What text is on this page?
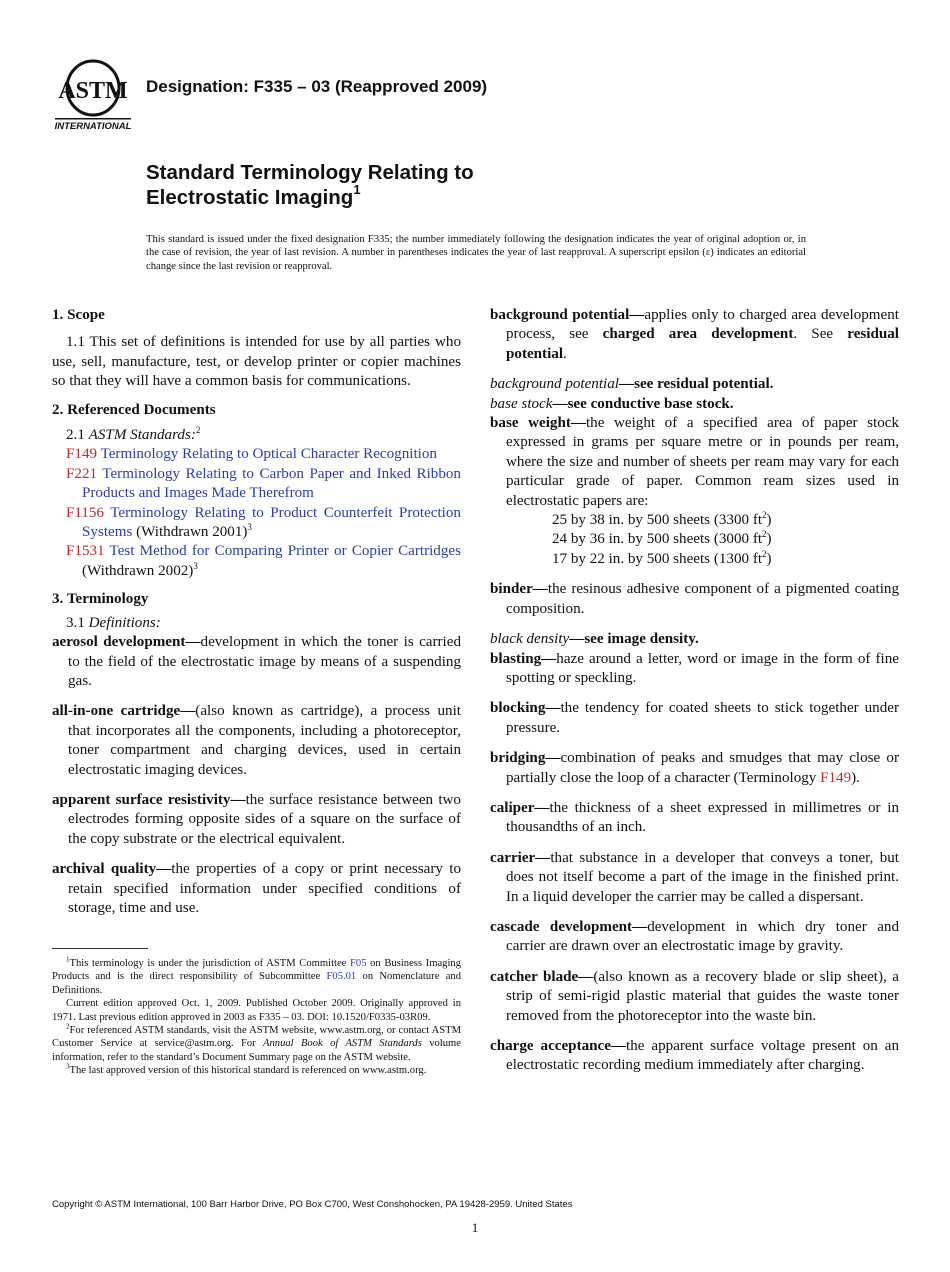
ASTM
INTERNATIONAL
Designation: F335 – 03 (Reapproved 2009)
Standard Terminology Relating to
Electrostatic Imaging$^1$
This standard is issued under the fixed designation F335; the number immediately following the designation indicates the year of original adoption or, in the case of revision, the year of last revision. A number in parentheses indicates the year of last reapproval. A superscript epsilon (ε) indicates an editorial change since the last revision or reapproval.
1. Scope

1.1 This set of definitions is intended for use by all parties who use, sell, manufacture, test, or develop printer or copier machines so that they will have a common basis for communications.

2. Referenced Documents

2.1 ASTM Standards:$^2$

F149 Terminology Relating to Optical Character Recognition

F221 Terminology Relating to Carbon Paper and Inked Ribbon Products and Images Made Therefrom

F1156 Terminology Relating to Product Counterfeit Protection Systems (Withdrawn 2001)$^3$

F1531 Test Method for Comparing Printer or Copier Cartridges (Withdrawn 2002)$^3$

3. Terminology

3.1 Definitions:

aerosol development—development in which the toner is carried to the field of the electrostatic image by means of a suspending gas.

all-in-one cartridge—(also known as cartridge), a process unit that incorporates all the components, including a photoreceptor, toner compartment and charging devices, used in certain electrostatic imaging devices.

apparent surface resistivity—the surface resistance between two electrodes forming opposite sides of a square on the surface of the copy substrate or the electrical equivalent.

archival quality—the properties of a copy or print necessary to retain specified information under specified conditions of storage, time and use.

$^1$This terminology is under the jurisdiction of ASTM Committee F05 on Business Imaging Products and is the direct responsibility of Subcommittee F05.01 on Nomenclature and Definitions.

Current edition approved Oct. 1, 2009. Published October 2009. Originally approved in 1971. Last previous edition approved in 2003 as F335 – 03. DOI: 10.1520/F0335-03R09.

$^2$For referenced ASTM standards, visit the ASTM website, www.astm.org, or contact ASTM Customer Service at service@astm.org. For Annual Book of ASTM Standards volume information, refer to the standard’s Document Summary page on the ASTM website.

$^3$The last approved version of this historical standard is referenced on www.astm.org.

background potential—applies only to charged area development process, see charged area development. See residual potential.

background potential—see residual potential.

base stock—see conductive base stock.

base weight—the weight of a specified area of paper stock expressed in grams per square metre or in pounds per ream, where the size and number of sheets per ream may vary for each particular grade of paper. Common ream sizes used in electrostatic papers are:

25 by 38 in. by 500 sheets (3300 $ft^2$)

24 by 36 in. by 500 sheets (3000 $ft^2$)

17 by 22 in. by 500 sheets (1300 $ft^2$)

binder—the resinous adhesive component of a pigmented coating composition.

black density—see image density.

blasting—haze around a letter, word or image in the form of fine spotting or speckling.

blocking—the tendency for coated sheets to stick together under pressure.

bridging—combination of peaks and smudges that may close or partially close the loop of a character (Terminology F149).

caliper—the thickness of a sheet expressed in millimetres or in thousandths of an inch.

carrier—that substance in a developer that conveys a toner, but does not itself become a part of the image in the finished print. In a liquid developer the carrier may be called a dispersant.

cascade development—development in which dry toner and carrier are drawn over an electrostatic image by gravity.

catcher blade—(also known as a recovery blade or slip sheet), a strip of semi-rigid plastic material that guides the waste toner removed from the photoreceptor into the waste bin.

charge acceptance—the apparent surface voltage present on an electrostatic recording medium immediately after charging.

Copyright © ASTM International, 100 Barr Harbor Drive, PO Box C700, West Conshohocken, PA 19428-2959. United States
1
